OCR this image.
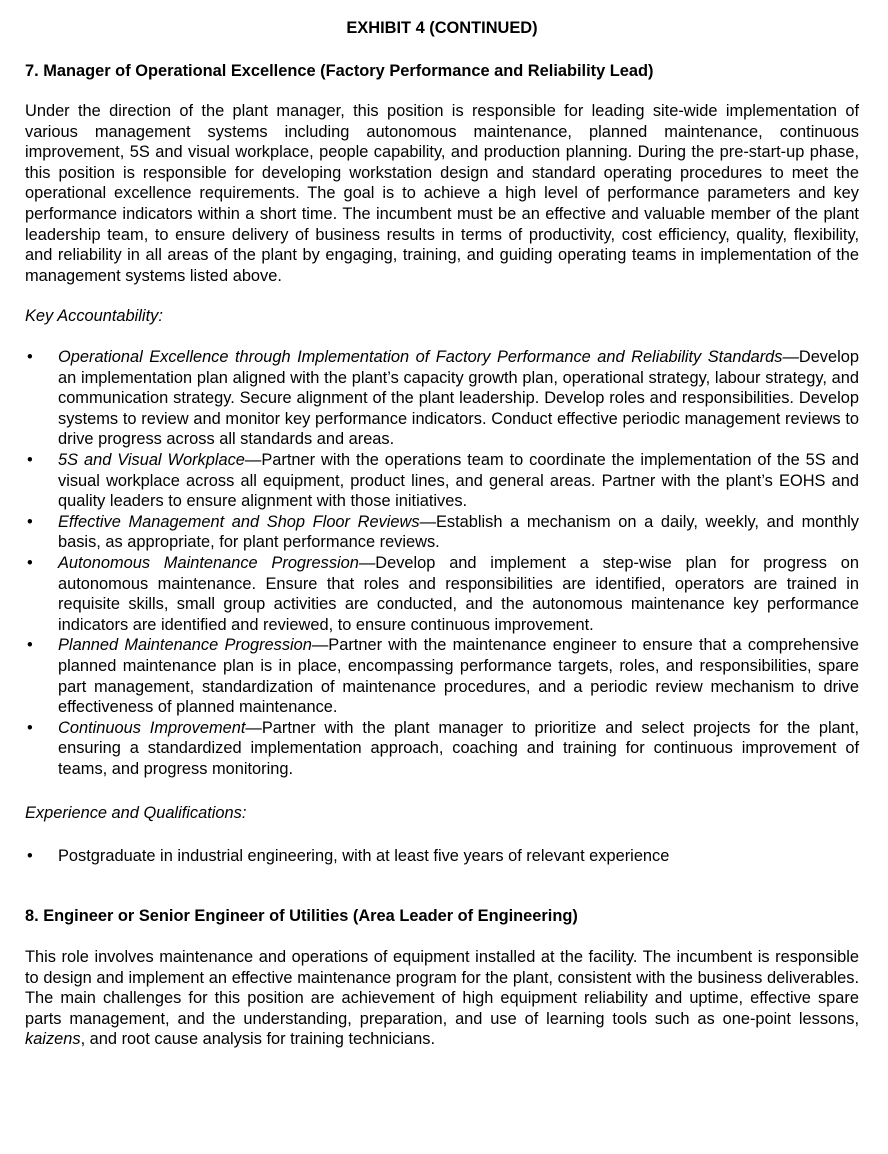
EXHIBIT 4 (CONTINUED)
7. Manager of Operational Excellence (Factory Performance and Reliability Lead)

Under the direction of the plant manager, this position is responsible for leading site-wide implementation of various management systems including autonomous maintenance, planned maintenance, continuous improvement, 5S and visual workplace, people capability, and production planning. During the pre-start-up phase, this position is responsible for developing workstation design and standard operating procedures to meet the operational excellence requirements. The goal is to achieve a high level of performance parameters and key performance indicators within a short time. The incumbent must be an effective and valuable member of the plant leadership team, to ensure delivery of business results in terms of productivity, cost efficiency, quality, flexibility, and reliability in all areas of the plant by engaging, training, and guiding operating teams in implementation of the management systems listed above.

Key Accountability:

• Operational Excellence through Implementation of Factory Performance and Reliability Standards—Develop an implementation plan aligned with the plant’s capacity growth plan, operational strategy, labour strategy, and communication strategy. Secure alignment of the plant leadership. Develop roles and responsibilities. Develop systems to review and monitor key performance indicators. Conduct effective periodic management reviews to drive progress across all standards and areas.
• 5S and Visual Workplace—Partner with the operations team to coordinate the implementation of the 5S and visual workplace across all equipment, product lines, and general areas. Partner with the plant’s EOHS and quality leaders to ensure alignment with those initiatives.
• Effective Management and Shop Floor Reviews—Establish a mechanism on a daily, weekly, and monthly basis, as appropriate, for plant performance reviews.
• Autonomous Maintenance Progression—Develop and implement a step-wise plan for progress on autonomous maintenance. Ensure that roles and responsibilities are identified, operators are trained in requisite skills, small group activities are conducted, and the autonomous maintenance key performance indicators are identified and reviewed, to ensure continuous improvement.
• Planned Maintenance Progression—Partner with the maintenance engineer to ensure that a comprehensive planned maintenance plan is in place, encompassing performance targets, roles, and responsibilities, spare part management, standardization of maintenance procedures, and a periodic review mechanism to drive effectiveness of planned maintenance.
• Continuous Improvement—Partner with the plant manager to prioritize and select projects for the plant, ensuring a standardized implementation approach, coaching and training for continuous improvement of teams, and progress monitoring.

Experience and Qualifications:

• Postgraduate in industrial engineering, with at least five years of relevant experience
8. Engineer or Senior Engineer of Utilities (Area Leader of Engineering)

This role involves maintenance and operations of equipment installed at the facility. The incumbent is responsible to design and implement an effective maintenance program for the plant, consistent with the business deliverables. The main challenges for this position are achievement of high equipment reliability and uptime, effective spare parts management, and the understanding, preparation, and use of learning tools such as one-point lessons, kaizens, and root cause analysis for training technicians.
